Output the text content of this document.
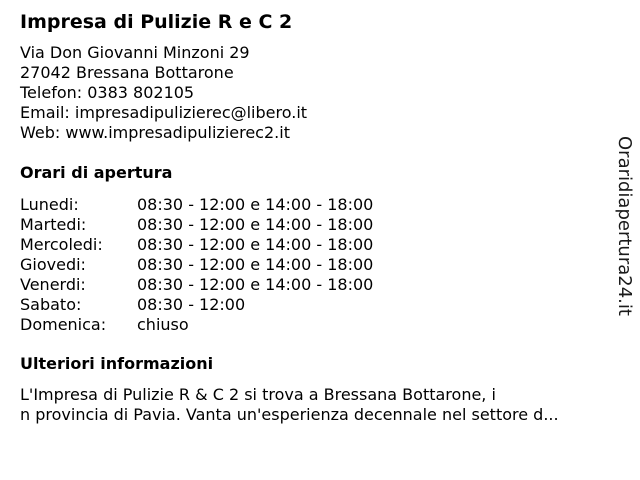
Impresa di Pulizie R e C 2
Via Don Giovanni Minzoni 29
27042 Bressana Bottarone
Telefon: 0383 802105
Email: impresadipulizierec@libero.it
Web: www.impresadipulizierec2.it
Orari di apertura
Lunedi:	08:30 - 12:00 e 14:00 - 18:00
Martedi:	08:30 - 12:00 e 14:00 - 18:00
Mercoledi:	08:30 - 12:00 e 14:00 - 18:00
Giovedi:	08:30 - 12:00 e 14:00 - 18:00
Venerdi:	08:30 - 12:00 e 14:00 - 18:00
Sabato:	08:30 - 12:00
Domenica:	chiuso
Ulteriori informazioni
L'Impresa di Pulizie R & C 2 si trova a Bressana Bottarone, i
n provincia di Pavia. Vanta un'esperienza decennale nel settore d...
Oraridiapertura24.it
